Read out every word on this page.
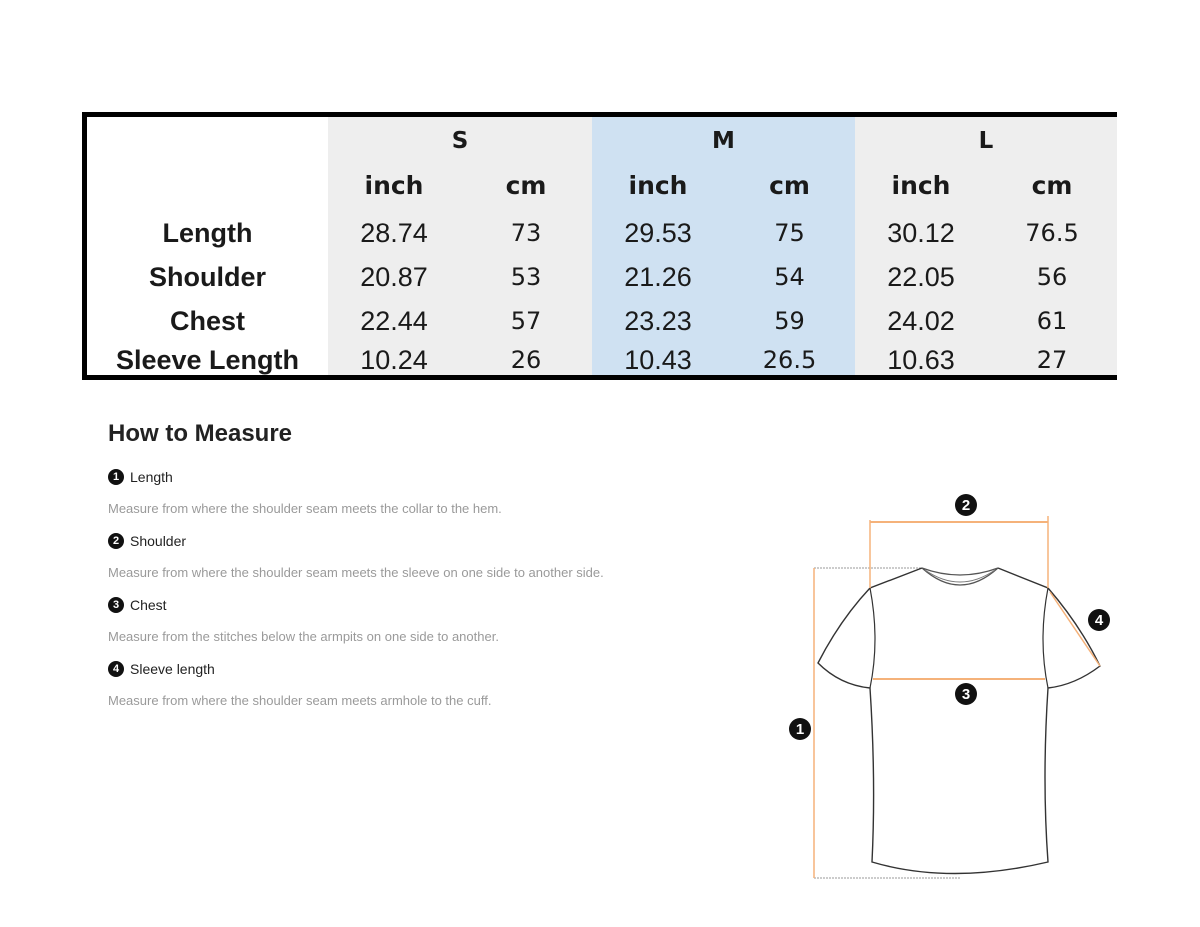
S	M	L
inch	cm	inch	cm	inch	cm
Length	28.74	73	29.53	75	30.12	76.5
Shoulder	20.87	53	21.26	54	22.05	56
Chest	22.44	57	23.23	59	24.02	61
Sleeve Length	10.24	26	10.43	26.5	10.63	27
How to Measure
1 Length
Measure from where the shoulder seam meets the collar to the hem.
2 Shoulder
Measure from where the shoulder seam meets the sleeve on one side to another side.
3 Chest
Measure from the stitches below the armpits on one side to another.
4 Sleeve length
Measure from where the shoulder seam meets armhole to the cuff.
1
2
3
4
